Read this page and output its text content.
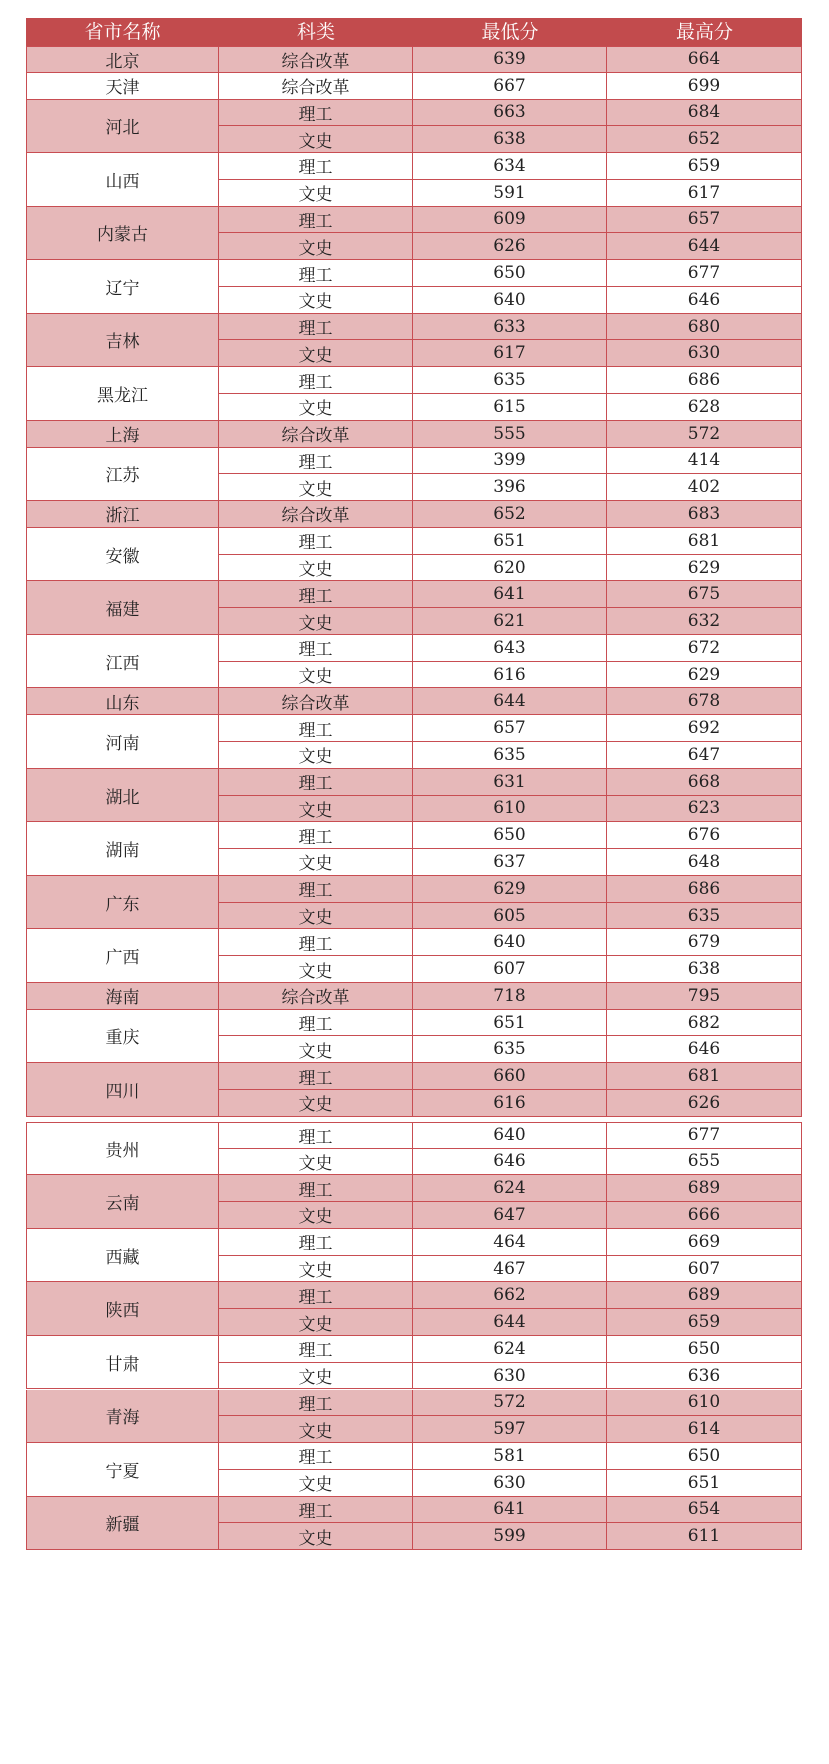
省市名称	科类	最低分	最高分
北京	综合改革	639	664
天津	综合改革	667	699
河北
理工	663	684
文史	638	652
山西
理工	634	659
文史	591	617
内蒙古
理工	609	657
文史	626	644
辽宁
理工	650	677
文史	640	646
吉林
理工	633	680
文史	617	630
黑龙江
理工	635	686
文史	615	628
上海	综合改革	555	572
江苏
理工	399	414
文史	396	402
浙江	综合改革	652	683
安徽
理工	651	681
文史	620	629
福建
理工	641	675
文史	621	632
江西
理工	643	672
文史	616	629
山东	综合改革	644	678
河南
理工	657	692
文史	635	647
湖北
理工	631	668
文史	610	623
湖南
理工	650	676
文史	637	648
广东
理工	629	686
文史	605	635
广西
理工	640	679
文史	607	638
海南	综合改革	718	795
重庆
理工	651	682
文史	635	646
四川
理工	660	681
文史	616	626
贵州
理工	640	677
文史	646	655
云南
理工	624	689
文史	647	666
西藏
理工	464	669
文史	467	607
陕西
理工	662	689
文史	644	659
甘肃
理工	624	650
文史	630	636
青海
理工	572	610
文史	597	614
宁夏
理工	581	650
文史	630	651
新疆
理工	641	654
文史	599	611
